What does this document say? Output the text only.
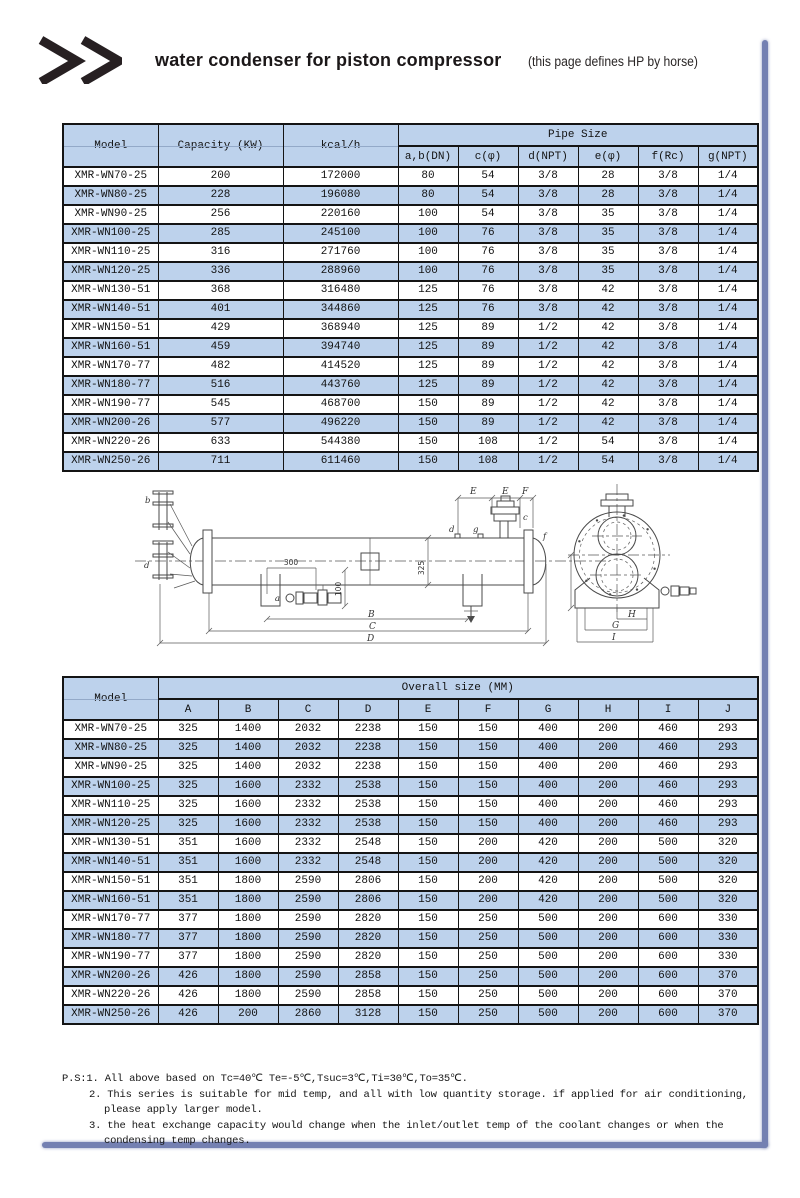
water condenser for piston compressor (this page defines HP by horse)
Model	Capacity (KW)	kcal/h	Pipe Size					
			a,b(DN)	c(φ)	d(NPT)	e(φ)	f(Rc)	g(NPT)
XMR-WN70-25	200	172000	80	54	3/8	28	3/8	1/4
XMR-WN80-25	228	196080	80	54	3/8	28	3/8	1/4
XMR-WN90-25	256	220160	100	54	3/8	35	3/8	1/4
XMR-WN100-25	285	245100	100	76	3/8	35	3/8	1/4
XMR-WN110-25	316	271760	100	76	3/8	35	3/8	1/4
XMR-WN120-25	336	288960	100	76	3/8	35	3/8	1/4
XMR-WN130-51	368	316480	125	76	3/8	42	3/8	1/4
XMR-WN140-51	401	344860	125	76	3/8	42	3/8	1/4
XMR-WN150-51	429	368940	125	89	1/2	42	3/8	1/4
XMR-WN160-51	459	394740	125	89	1/2	42	3/8	1/4
XMR-WN170-77	482	414520	125	89	1/2	42	3/8	1/4
XMR-WN180-77	516	443760	125	89	1/2	42	3/8	1/4
XMR-WN190-77	545	468700	150	89	1/2	42	3/8	1/4
XMR-WN200-26	577	496220	150	89	1/2	42	3/8	1/4
XMR-WN220-26	633	544380	150	108	1/2	54	3/8	1/4
XMR-WN250-26	711	611460	150	108	1/2	54	3/8	1/4
b
d
a
d g
c
f
E	E F
300	325
100
B
C
D
H
G
I
Model	Overall size (MM)									
	A	B	C	D	E	F	G	H	I	J
XMR-WN70-25	325	1400	2032	2238	150	150	400	200	460	293
XMR-WN80-25	325	1400	2032	2238	150	150	400	200	460	293
XMR-WN90-25	325	1400	2032	2238	150	150	400	200	460	293
XMR-WN100-25	325	1600	2332	2538	150	150	400	200	460	293
XMR-WN110-25	325	1600	2332	2538	150	150	400	200	460	293
XMR-WN120-25	325	1600	2332	2538	150	150	400	200	460	293
XMR-WN130-51	351	1600	2332	2548	150	200	420	200	500	320
XMR-WN140-51	351	1600	2332	2548	150	200	420	200	500	320
XMR-WN150-51	351	1800	2590	2806	150	200	420	200	500	320
XMR-WN160-51	351	1800	2590	2806	150	200	420	200	500	320
XMR-WN170-77	377	1800	2590	2820	150	250	500	200	600	330
XMR-WN180-77	377	1800	2590	2820	150	250	500	200	600	330
XMR-WN190-77	377	1800	2590	2820	150	250	500	200	600	330
XMR-WN200-26	426	1800	2590	2858	150	250	500	200	600	370
XMR-WN220-26	426	1800	2590	2858	150	250	500	200	600	370
XMR-WN250-26	426	200	2860	3128	150	250	500	200	600	370
P.S:1. All above based on Tc=40℃ Te=-5℃,Tsuc=3℃,Ti=30℃,To=35℃.
2. This series is suitable for mid temp, and all with low quantity storage. if applied for air conditioning,
please apply larger model.
3. the heat exchange capacity would change when the inlet/outlet temp of the coolant changes or when the
condensing temp changes.
